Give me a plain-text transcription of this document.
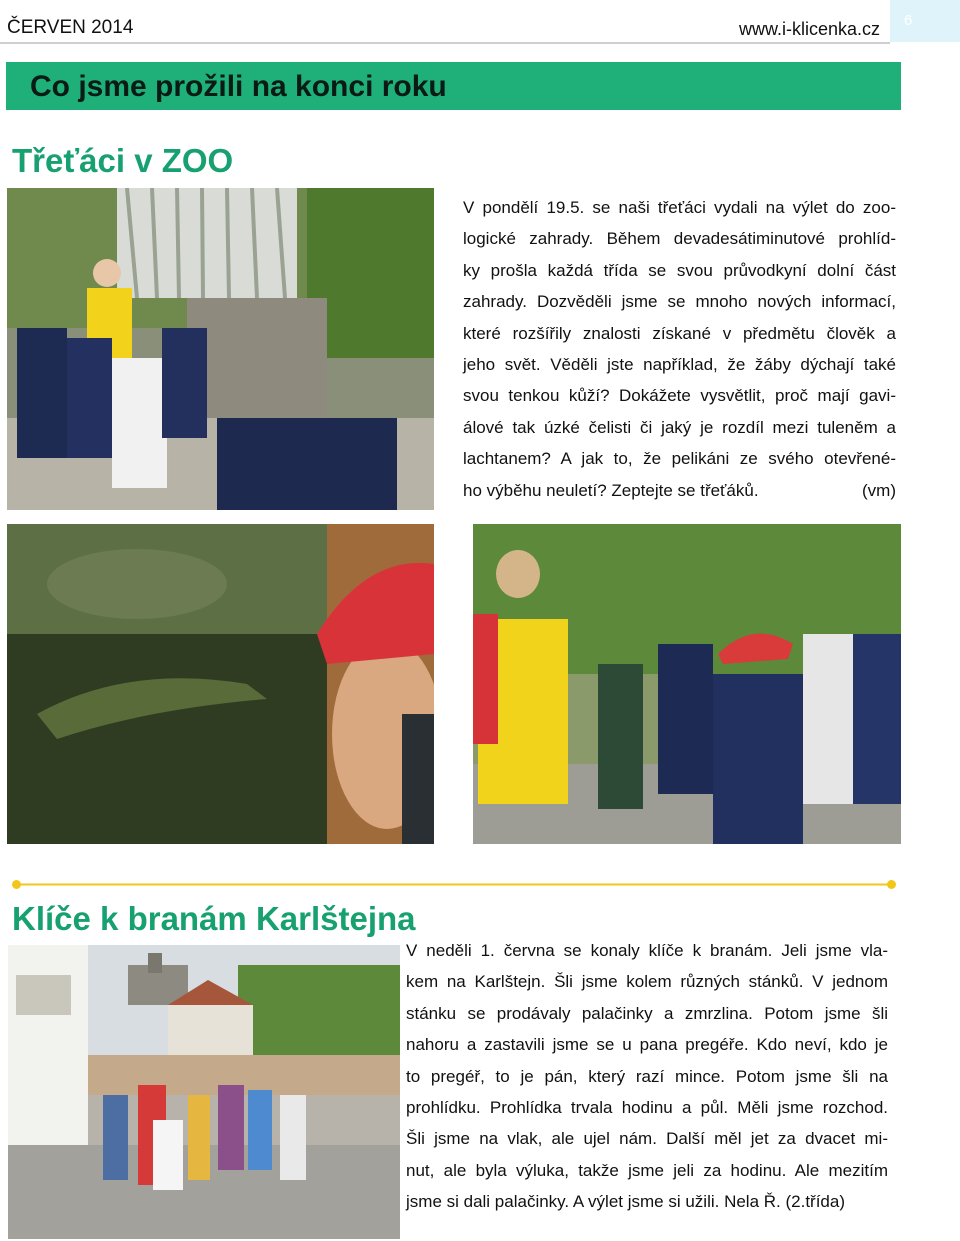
ČERVEN 2014	www.i-klicenka.cz 6
Co jsme prožili na konci roku
Třeťáci v ZOO
V pondělí 19.5. se naši třeťáci vydali na výlet do zoo-
logické zahrady. Během devadesátiminutové prohlíd-
ky prošla každá třída se svou průvodkyní dolní část
zahrady. Dozvěděli jsme se mnoho nových informací,
které rozšířily znalosti získané v předmětu člověk a
jeho svět. Věděli jste například, že žáby dýchají také
svou tenkou kůží? Dokážete vysvětlit, proč mají gavi-
álové tak úzké čelisti či jaký je rozdíl mezi tuleněm a
lachtanem? A jak to, že pelikáni ze svého otevřené-
ho výběhu neuletí? Zeptejte se třeťáků.	(vm)
Klíče k branám Karlštejna
V neděli 1. června se konaly klíče k branám. Jeli jsme vla-
kem na Karlštejn. Šli jsme kolem různých stánků. V jednom
stánku se prodávaly palačinky a zmrzlina. Potom jsme šli
nahoru a zastavili jsme se u pana pregéře. Kdo neví, kdo je
to pregéř, to je pán, který razí mince. Potom jsme šli na
prohlídku. Prohlídka trvala hodinu a půl. Měli jsme rozchod.
Šli jsme na vlak, ale ujel nám. Další měl jet za dvacet mi-
nut, ale byla výluka, takže jsme jeli za hodinu. Ale mezitím
jsme si dali palačinky. A výlet jsme si užili. Nela Ř. (2.třída)
